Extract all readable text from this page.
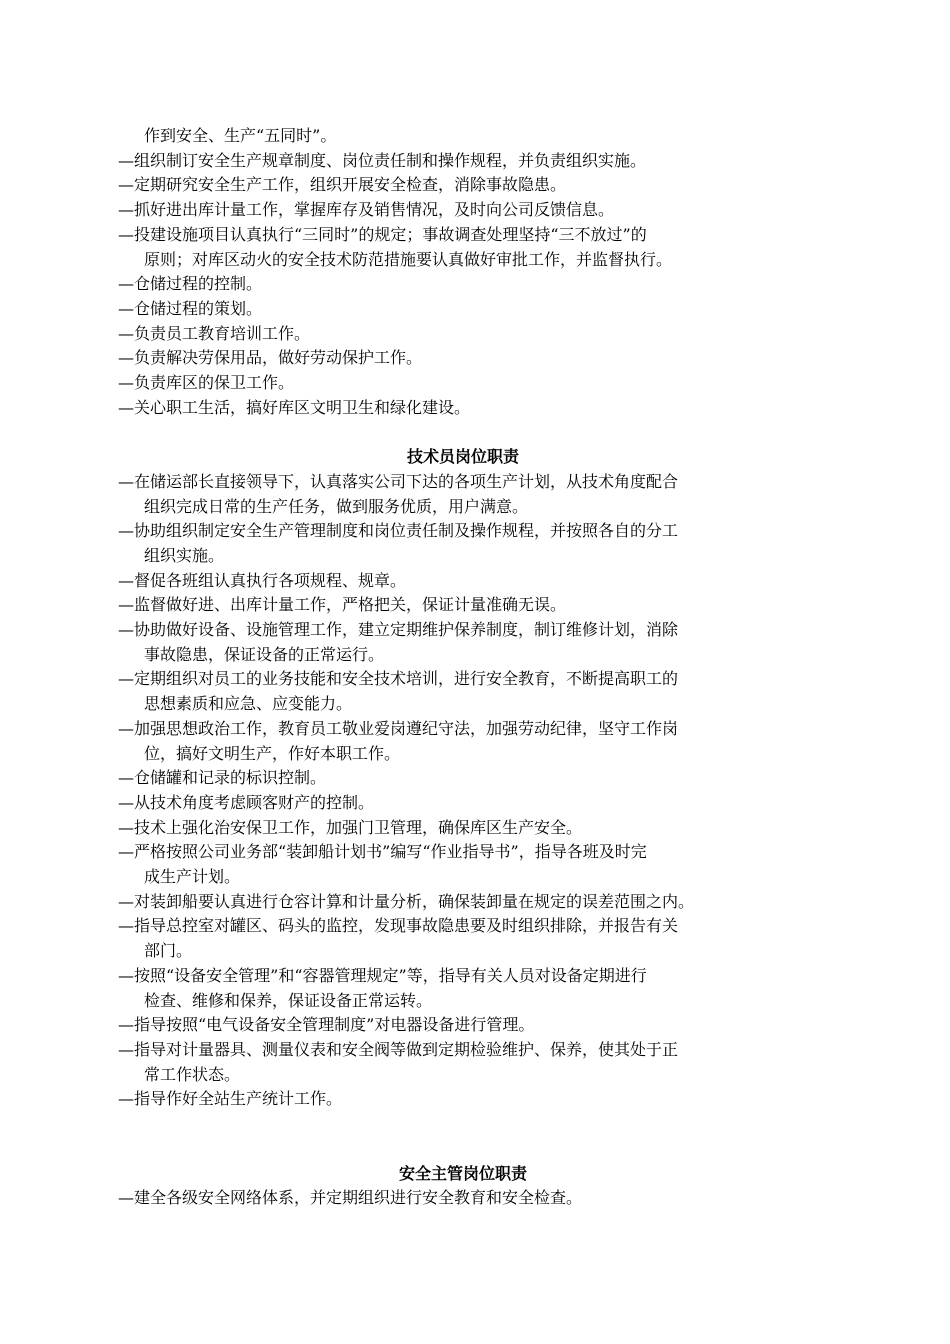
作到安全、生产“五同时”。
—组织制订安全生产规章制度、岗位责任制和操作规程，并负责组织实施。
—定期研究安全生产工作，组织开展安全检查，消除事故隐患。
—抓好进出库计量工作，掌握库存及销售情况，及时向公司反馈信息。
—投建设施项目认真执行“三同时”的规定；事故调查处理坚持“三不放过”的
原则；对库区动火的安全技术防范措施要认真做好审批工作，并监督执行。
—仓储过程的控制。
—仓储过程的策划。
—负责员工教育培训工作。
—负责解决劳保用品，做好劳动保护工作。
—负责库区的保卫工作。
—关心职工生活，搞好库区文明卫生和绿化建设。
技术员岗位职责
—在储运部长直接领导下，认真落实公司下达的各项生产计划，从技术角度配合
组织完成日常的生产任务，做到服务优质，用户满意。
—协助组织制定安全生产管理制度和岗位责任制及操作规程，并按照各自的分工
组织实施。
—督促各班组认真执行各项规程、规章。
—监督做好进、出库计量工作，严格把关，保证计量准确无误。
—协助做好设备、设施管理工作，建立定期维护保养制度，制订维修计划，消除
事故隐患，保证设备的正常运行。
—定期组织对员工的业务技能和安全技术培训，进行安全教育，不断提高职工的
思想素质和应急、应变能力。
—加强思想政治工作，教育员工敬业爱岗遵纪守法，加强劳动纪律，坚守工作岗
位，搞好文明生产，作好本职工作。
—仓储罐和记录的标识控制。
—从技术角度考虑顾客财产的控制。
—技术上强化治安保卫工作，加强门卫管理，确保库区生产安全。
—严格按照公司业务部“装卸船计划书”编写“作业指导书”，指导各班及时完
成生产计划。
—对装卸船要认真进行仓容计算和计量分析，确保装卸量在规定的误差范围之内。
—指导总控室对罐区、码头的监控，发现事故隐患要及时组织排除，并报告有关
部门。
—按照“设备安全管理”和“容器管理规定”等，指导有关人员对设备定期进行
检查、维修和保养，保证设备正常运转。
—指导按照“电气设备安全管理制度”对电器设备进行管理。
—指导对计量器具、测量仪表和安全阀等做到定期检验维护、保养，使其处于正
常工作状态。
—指导作好全站生产统计工作。
安全主管岗位职责
—建全各级安全网络体系，并定期组织进行安全教育和安全检查。
